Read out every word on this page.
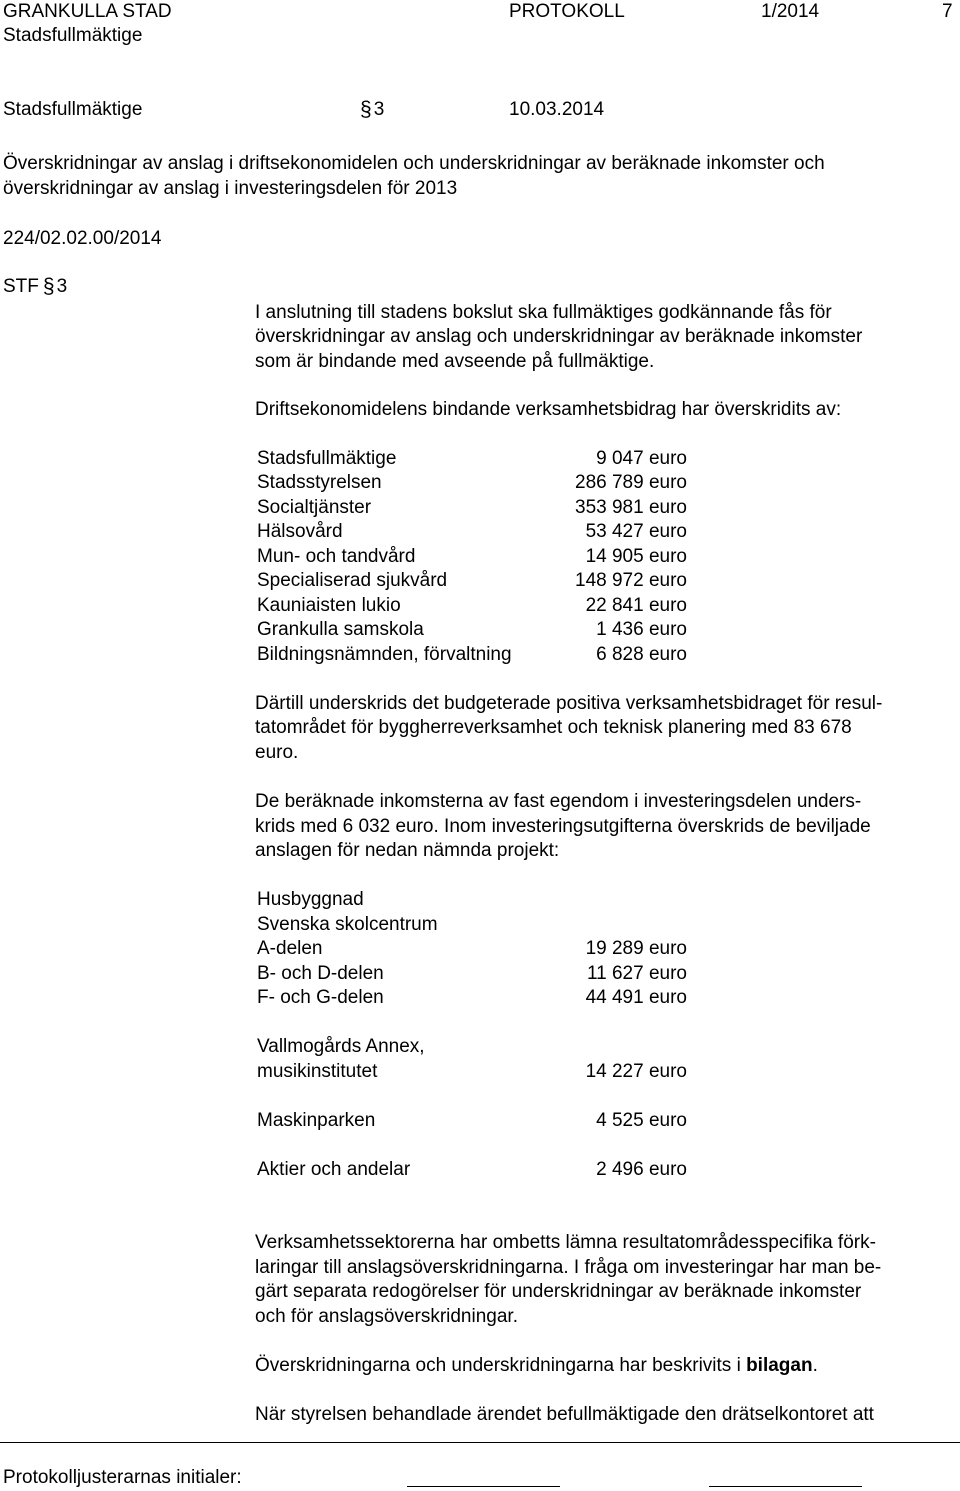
GRANKULLA STAD	PROTOKOLL	1/2014	7
Stadsfullmäktige
Stadsfullmäktige	§ 3	10.03.2014
Överskridningar av anslag i driftsekonomidelen och underskridningar av beräknade inkomster och
överskridningar av anslag i investeringsdelen för 2013
224/02.02.00/2014
STF § 3
I anslutning till stadens bokslut ska fullmäktiges godkännande fås för
överskridningar av anslag och underskridningar av beräknade inkomster
som är bindande med avseende på fullmäktige.
Driftsekonomidelens bindande verksamhetsbidrag har överskridits av:
Stadsfullmäktige	9 047 euro
Stadsstyrelsen	286 789 euro
Socialtjänster	353 981 euro
Hälsovård	53 427 euro
Mun- och tandvård	14 905 euro
Specialiserad sjukvård	148 972 euro
Kauniaisten lukio	22 841 euro
Grankulla samskola	1 436 euro
Bildningsnämnden, förvaltning	6 828 euro
Därtill underskrids det budgeterade positiva verksamhetsbidraget för resul-
tatområdet för byggherreverksamhet och teknisk planering med 83 678
euro.
De beräknade inkomsterna av fast egendom i investeringsdelen unders-
krids med 6 032 euro. Inom investeringsutgifterna överskrids de beviljade
anslagen för nedan nämnda projekt:
Husbyggnad
Svenska skolcentrum
A-delen	19 289 euro
B- och D-delen	11 627 euro
F- och G-delen	44 491 euro
Vallmogårds Annex,
musikinstitutet	14 227 euro
Maskinparken	4 525 euro
Aktier och andelar	2 496 euro
Verksamhetssektorerna har ombetts lämna resultatområdesspecifika förk-
laringar till anslagsöverskridningarna. I fråga om investeringar har man be-
gärt separata redogörelser för underskridningar av beräknade inkomster
och för anslagsöverskridningar.
Överskridningarna och underskridningarna har beskrivits i bilagan.
När styrelsen behandlade ärendet befullmäktigade den drätselkontoret att
Protokolljusterarnas initialer:
